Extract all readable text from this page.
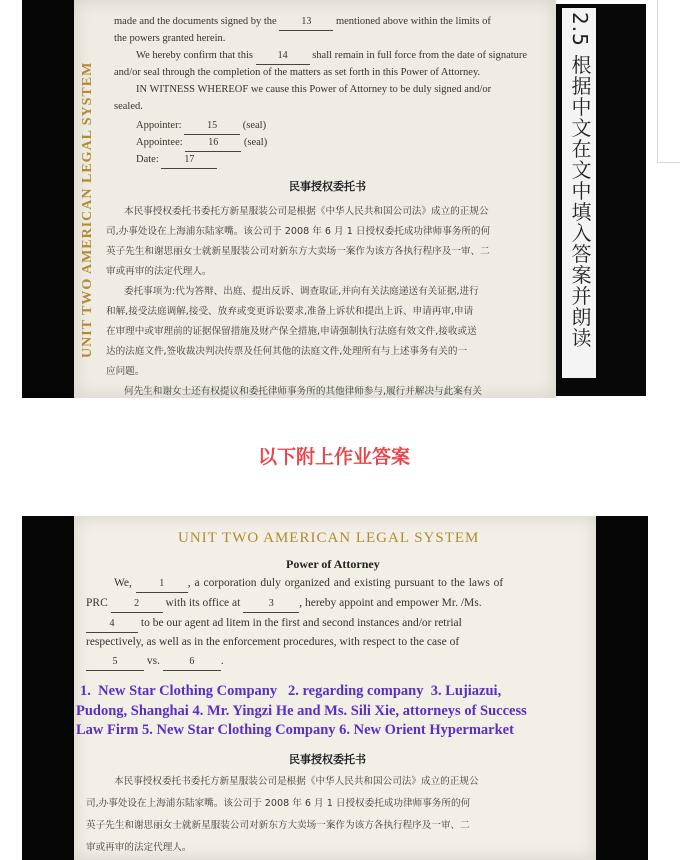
UNIT TWO AMERICAN LEGAL SYSTEM
made and the documents signed by the 13 mentioned above within the limits of
the powers granted herein.
We hereby confirm that this 14 shall remain in full force from the date of signature
and/or seal through the completion of the matters as set forth in this Power of Attorney.
IN WITNESS WHEREOF we cause this Power of Attorney to be duly signed and/or
sealed.
Appointer:	15 (seal)
Appointee:	16 (seal)
Date:	17
民事授权委托书
本民事授权委托书委托方新星服装公司是根据《中华人民共和国公司法》成立的正规公
司,办事处设在上海浦东陆家嘴。该公司于 2008 年 6 月 1 日授权委托成功律师事务所的何
英子先生和谢思丽女士就新星服装公司对新东方大卖场一案作为该方各执行程序及一审、二
审或再审的法定代理人。
委托事项为:代为答辩、出庭、提出反诉、调查取证,并向有关法庭递送有关证据,进行
和解,接受法庭调解,接受、放弃或变更诉讼要求,准备上诉状和提出上诉、申请再审,申请
在审理中或审理前的证据保留措施及财产保全措施,申请强制执行法庭有效文件,接收或送
达的法庭文件,签收裁决判决传票及任何其他的法庭文件,处理所有与上述事务有关的一
应问题。
何先生和谢女士还有权提议和委托律师事务所的其他律师参与,履行并解决与此案有关
2.5 根据中文在文中填入答案并朗读
以下附上作业答案
UNIT TWO AMERICAN LEGAL SYSTEM
Power of Attorney
We,	1 , a corporation duly organized and existing pursuant to the laws of
PRC	2 with its office at	3 , hereby appoint and empower Mr. /Ms.
4 to be our agent ad litem in the first and second instances and/or retrial
respectively, as well as in the enforcement procedures, with respect to the case of
5	vs.	6 .
1.  New Star Clothing Company   2. regarding company  3. Lujiazui,
Pudong, Shanghai 4. Mr. Yingzi He and Ms. Sili Xie, attorneys of Success
Law Firm 5. New Star Clothing Company 6. New Orient Hypermarket
民事授权委托书
本民事授权委托书委托方新星服装公司是根据《中华人民共和国公司法》成立的正规公
司,办事处设在上海浦东陆家嘴。该公司于 2008 年 6 月 1 日授权委托成功律师事务所的何
英子先生和谢思丽女士就新星服装公司对新东方大卖场一案作为该方各执行程序及一审、二
审或再审的法定代理人。
